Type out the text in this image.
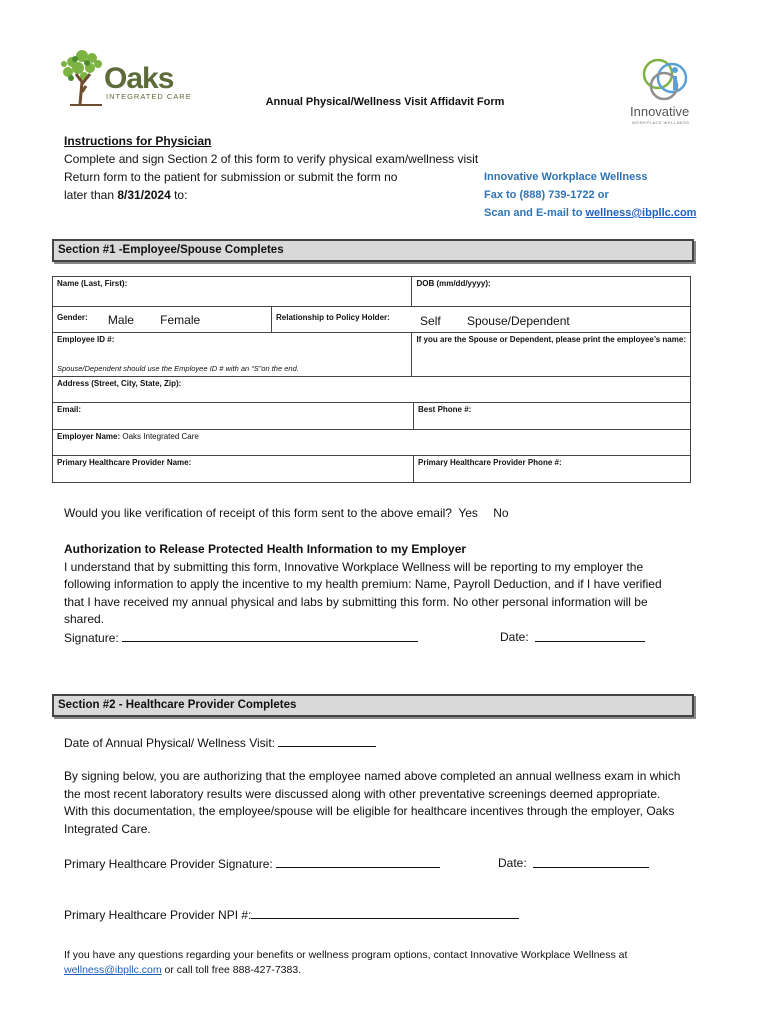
Oaks
INTEGRATED CARE
Innovative
WORKPLACE WELLNESS
Annual Physical/Wellness Visit Affidavit Form
Instructions for Physician
Complete and sign Section 2 of this form to verify physical exam/wellness visit
Return form to the patient for submission or submit the form no
later than 8/31/2024 to:
Innovative Workplace Wellness
Fax to (888) 739-1722 or
Scan and E-mail to wellness@ibpllc.com
Section #1 -Employee/Spouse Completes
Name (Last, First):		DOB (mm/dd/yyyy):	
Gender: Male Female	Relationship to Policy Holder: Self Spouse/Dependent		

Employee ID #:
Spouse/Dependent should use the Employee ID # with an “S”on the end.		If you are the Spouse or Dependent, please print the employee’s name:	
Address (Street, City, State, Zip):			
Email:			Best Phone #:
Employer Name: Oaks Integrated Care			
Primary Healthcare Provider Name:			Primary Healthcare Provider Phone #:
Would you like verification of receipt of this form sent to the above email? Yes No
Authorization to Release Protected Health Information to my Employer
I understand that by submitting this form, Innovative Workplace Wellness will be reporting to my employer the following information to apply the incentive to my health premium: Name, Payroll Deduction, and if I have verified that I have received my annual physical and labs by submitting this form. No other personal information will be shared.
Signature:	Date:
Section #2 - Healthcare Provider Completes
Date of Annual Physical/ Wellness Visit:
By signing below, you are authorizing that the employee named above completed an annual wellness exam in which the most recent laboratory results were discussed along with other preventative screenings deemed appropriate. With this documentation, the employee/spouse will be eligible for healthcare incentives through the employer, Oaks Integrated Care.
Primary Healthcare Provider Signature:	Date:
Primary Healthcare Provider NPI #:
If you have any questions regarding your benefits or wellness program options, contact Innovative Workplace Wellness at wellness@ibpllc.com or call toll free 888-427-7383.
